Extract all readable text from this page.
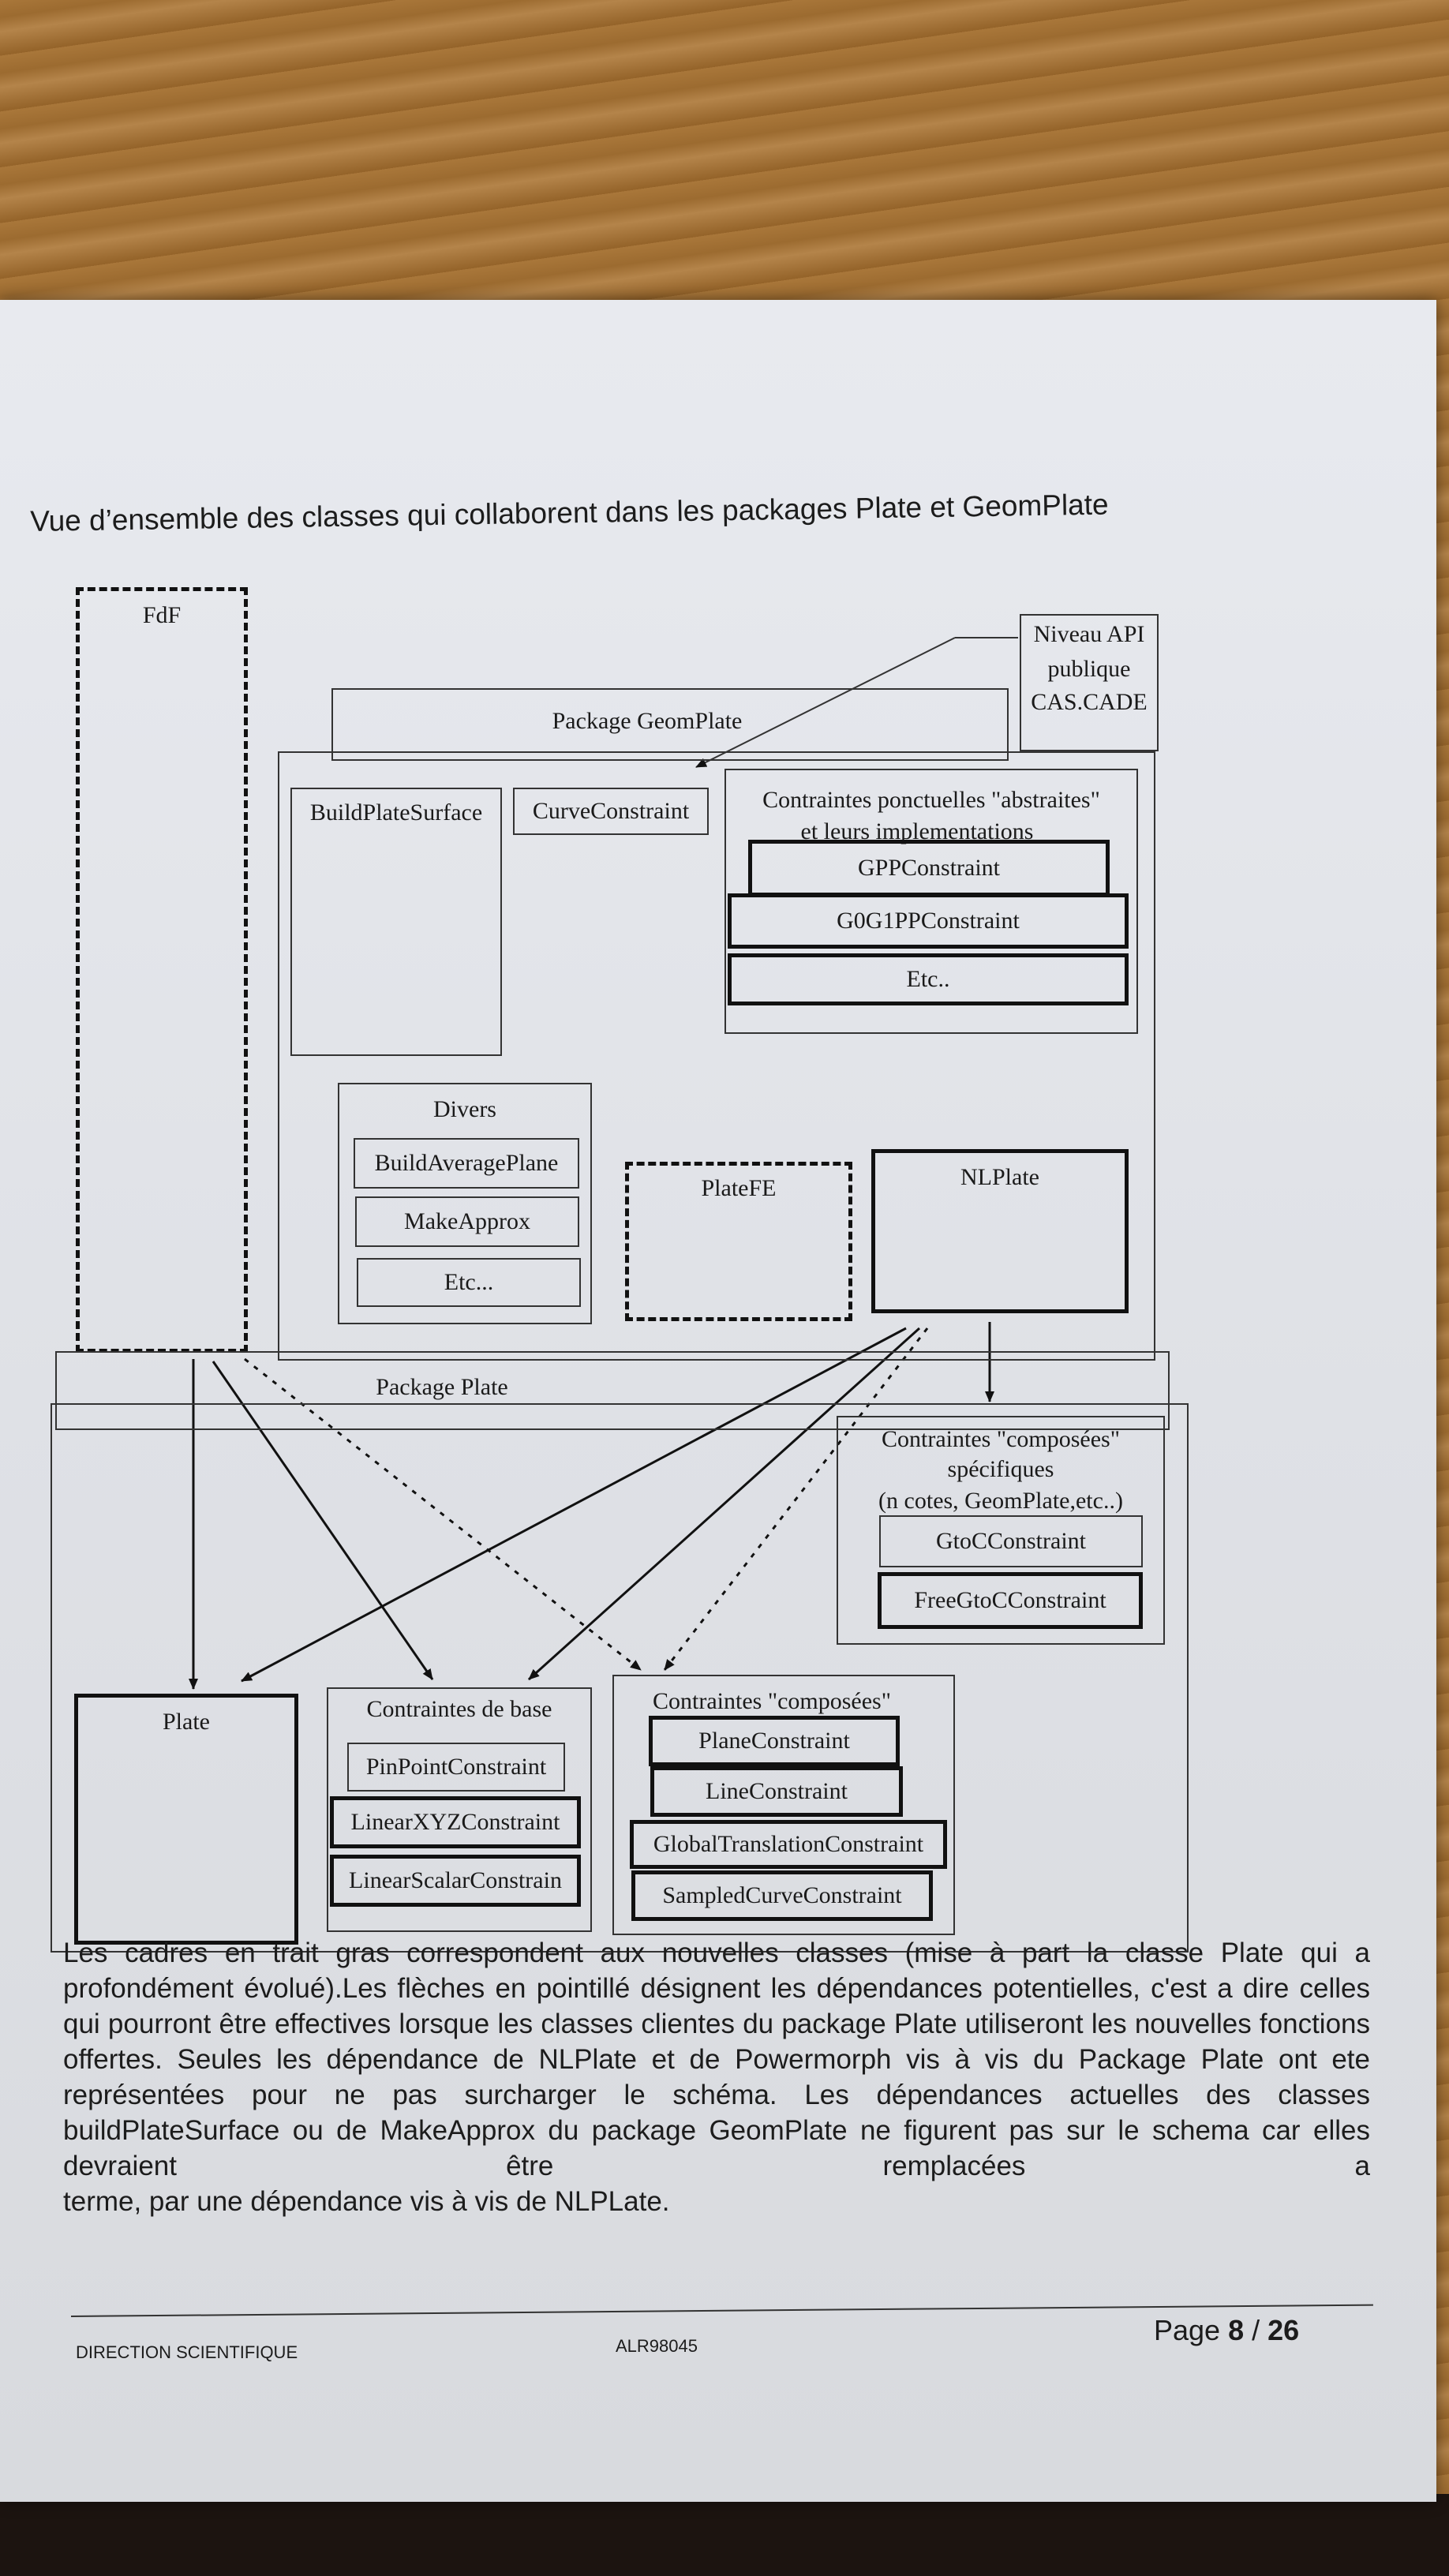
Vue d’ensemble des classes qui collaborent dans les packages Plate et GeomPlate
FdF
Niveau API
publique
CAS.CADE
Package GeomPlate
BuildPlateSurface	CurveConstraint	Contraintes ponctuelles "abstraites"
et leurs implementations
GPPConstraint
G0G1PPConstraint
Etc..
Divers
BuildAveragePlane
MakeApprox
Etc...
PlateFE	NLPlate
Package Plate
Contraintes "composées"
spécifiques
(n cotes, GeomPlate,etc..)
GtoCConstraint
FreeGtoCConstraint
Plate	Contraintes de base
PinPointConstraint
LinearXYZConstraint
LinearScalarConstrain
Contraintes "composées"
PlaneConstraint
LineConstraint
GlobalTranslationConstraint
SampledCurveConstraint
Les cadres en trait gras correspondent aux nouvelles classes (mise à part la classe Plate qui a profondément évolué).Les flèches en pointillé désignent les dépendances potentielles, c'est a dire celles qui pourront être effectives lorsque les classes clientes du package Plate utiliseront les nouvelles fonctions offertes. Seules les dépendance de NLPlate et de Powermorph vis à vis du Package Plate ont ete représentées pour ne pas surcharger le schéma. Les dépendances actuelles des classes buildPlateSurface ou de MakeApprox du package GeomPlate ne figurent pas sur le schema car elles devraient être remplacées a
terme, par une dépendance vis à vis de NLPLate.
DIRECTION SCIENTIFIQUE	ALR98045	Page 8 / 26
